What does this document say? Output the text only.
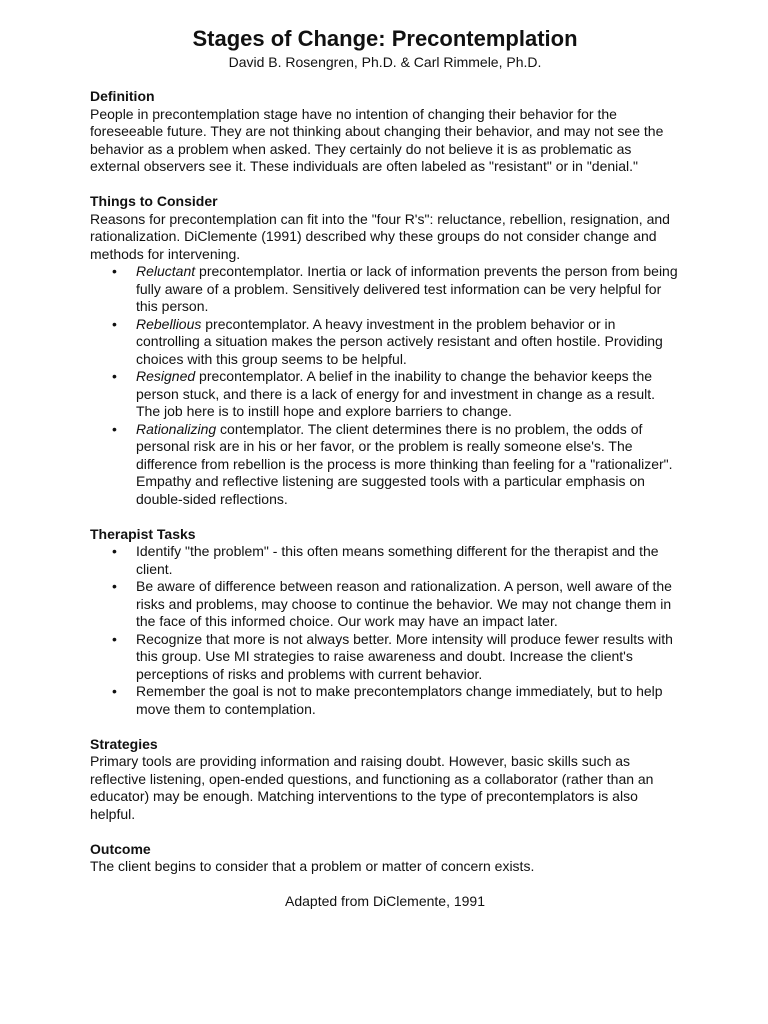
Stages of Change: Precontemplation

David B. Rosengren, Ph.D. & Carl Rimmele, Ph.D.

Definition

People in precontemplation stage have no intention of changing their behavior for the foreseeable future. They are not thinking about changing their behavior, and may not see the behavior as a problem when asked. They certainly do not believe it is as problematic as external observers see it. These individuals are often labeled as "resistant" or in "denial."

Things to Consider

Reasons for precontemplation can fit into the "four R's": reluctance, rebellion, resignation, and rationalization. DiClemente (1991) described why these groups do not consider change and methods for intervening.

• Reluctant precontemplator. Inertia or lack of information prevents the person from being fully aware of a problem. Sensitively delivered test information can be very helpful for this person.
• Rebellious precontemplator. A heavy investment in the problem behavior or in controlling a situation makes the person actively resistant and often hostile. Providing choices with this group seems to be helpful.
• Resigned precontemplator. A belief in the inability to change the behavior keeps the person stuck, and there is a lack of energy for and investment in change as a result. The job here is to instill hope and explore barriers to change.
• Rationalizing contemplator. The client determines there is no problem, the odds of personal risk are in his or her favor, or the problem is really someone else's. The difference from rebellion is the process is more thinking than feeling for a "rationalizer". Empathy and reflective listening are suggested tools with a particular emphasis on double-sided reflections.

Therapist Tasks

• Identify "the problem" - this often means something different for the therapist and the client.
• Be aware of difference between reason and rationalization. A person, well aware of the risks and problems, may choose to continue the behavior. We may not change them in the face of this informed choice. Our work may have an impact later.
• Recognize that more is not always better. More intensity will produce fewer results with this group. Use MI strategies to raise awareness and doubt. Increase the client's perceptions of risks and problems with current behavior.
• Remember the goal is not to make precontemplators change immediately, but to help move them to contemplation.

Strategies

Primary tools are providing information and raising doubt. However, basic skills such as reflective listening, open-ended questions, and functioning as a collaborator (rather than an educator) may be enough. Matching interventions to the type of precontemplators is also helpful.

Outcome

The client begins to consider that a problem or matter of concern exists.

Adapted from DiClemente, 1991
